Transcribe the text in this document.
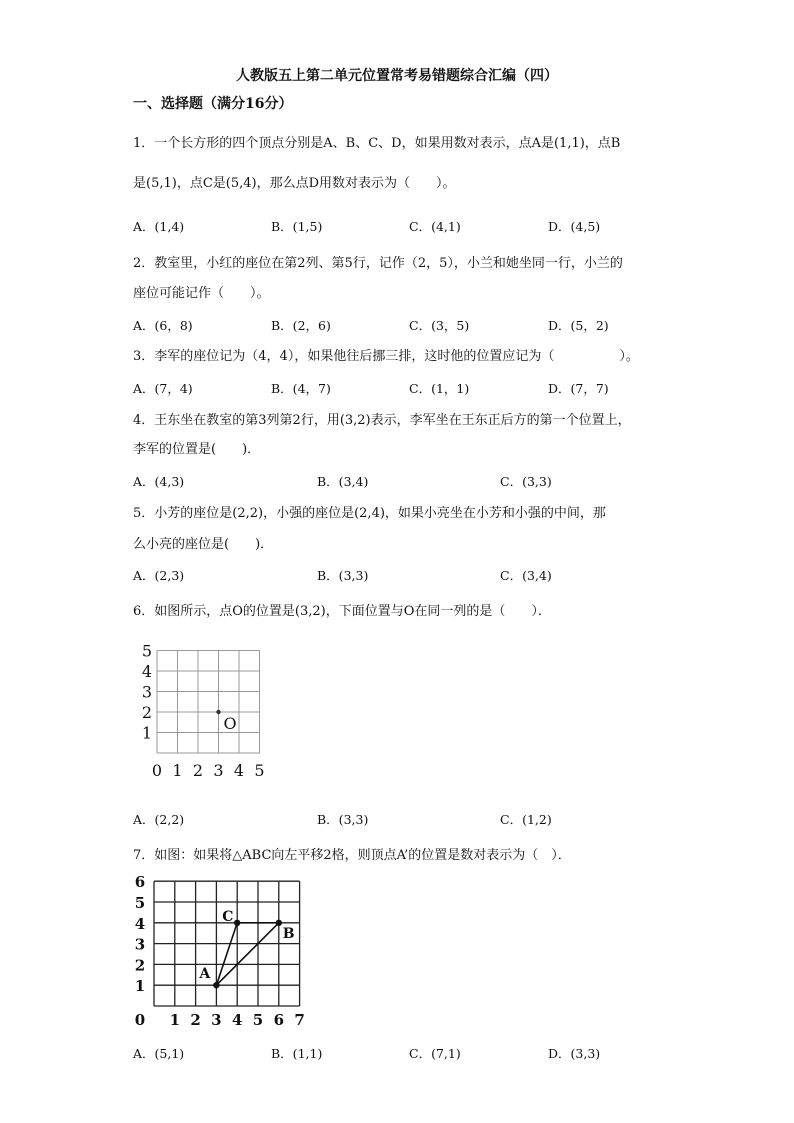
人教版五上第二单元位置常考易错题综合汇编（四）
一、选择题（满分16分）
1．一个长方形的四个顶点分别是A、B、C、D，如果用数对表示，点A是(1,1)，点B
是(5,1)，点C是(5,4)，那么点D用数对表示为（　　）。
A．(1,4)	B．(1,5)	C．(4,1)	D．(4,5)
2．教室里，小红的座位在第2列、第5行，记作（2，5），小兰和她坐同一行，小兰的
座位可能记作（　　）。
A．(6，8)	B．(2，6)	C．(3，5)	D．(5，2)
3．李军的座位记为（4，4），如果他往后挪三排，这时他的位置应记为（　　　　　）。
A．(7，4)	B．(4，7)	C．(1，1)	D．(7，7)
4．王东坐在教室的第3列第2行，用(3,2)表示，李军坐在王东正后方的第一个位置上，
李军的位置是(　　)．
A．(4,3)	B．(3,4)	C．(3,3)
5．小芳的座位是(2,2)，小强的座位是(2,4)，如果小亮坐在小芳和小强的中间，那
么小亮的座位是(　　)．
A．(2,3)	B．(3,3)	C．(3,4)
6．如图所示，点O的位置是(3,2)，下面位置与O在同一列的是（　　）．
0 1 2 3 4 5
1
2
3
4
5
O
A．(2,2)	B．(3,3)	C．(1,2)
7．如图：如果将△ABC向左平移2格，则顶点A’的位置是数对表示为（　）．
0 1 2 3 4 5 6 7
1
2
3
4
5
6
A
B
C
A．(5,1)	B．(1,1)	C．(7,1)	D．(3,3)
